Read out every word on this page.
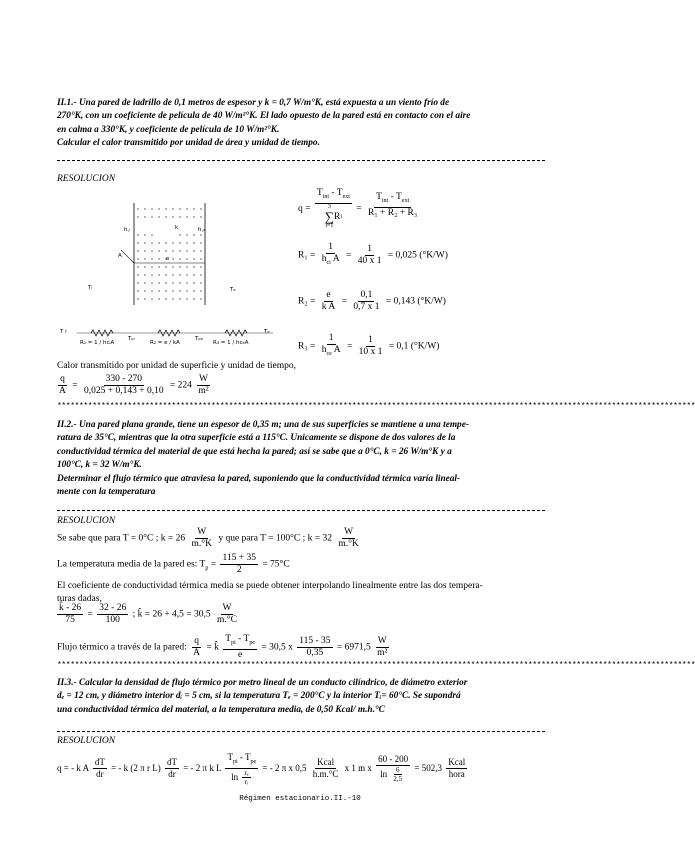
II.1.- Una pared de ladrillo de 0,1 metros de espesor y k = 0,7 W/m°K, está expuesta a un viento frío de
270°K, con un coeficiente de película de 40 W/m²°K. El lado opuesto de la pared está en contacto con el aire
en calma a 330°K, y coeficiente de película de 10 W/m²°K.
Calcular el calor transmitido por unidad de área y unidad de tiempo.
RESOLUCION
h꜀ᵢ	k	h꜀ₑ
A	e
Tᵢ	Tₑ
T i
Tₚᵢ	Tₚₑ
Tₑ
R₁ = 1 / hᴄᵢA	R₂ = e / kA	R₃ = 1 / hᴄₑA
$q = T_{int} - T_{ext}$
3
∑
i=1
R $i = \frac{T_{int} - T_{ext}}{\text{R₁ + R₂ + R₃}}$
$R_1 = \frac{1}{h_{ci} A} = \frac{1}{40 x 1} = 0,025$ (°K/W)
$R_2 = \frac{e}{\text{k A}} = \frac{0,1}{0,7 x 1} = 0,143$ (°K/W)
$R_3 = \frac{1}{h_{ce} A} = \frac{1}{10 x 1} = 0,1$ (°K/W)
Calor transmitido por unidad de superficie y unidad de tiempo,
$\frac{q}{A} = \frac{330 - 270}{0,025 + 0,143 + 0,10} = 224 \frac{W}{\text{m²}}$
*************************************************************************************************************************************************
II.2.- Una pared plana grande, tiene un espesor de 0,35 m; una de sus superficies se mantiene a una tempe-
ratura de 35°C, mientras que la otra superficie está a 115°C. Unicamente se dispone de dos valores de la
conductividad térmica del material de que está hecha la pared; así se sabe que a 0°C, k = 26 W/m°K y a
100°C, k = 32 W/m°K.
Determinar el flujo térmico que atraviesa la pared, suponiendo que la conductividad térmica varía lineal-
mente con la temperatura
RESOLUCION
Se sabe que para T = 0°C ; $k = 26 \frac{W}{m.^\circ K}$ y que para T = 100°C ; $k = 32 \frac{W}{m.^\circ K}$
La temperatura media de la pared es: $T_p = \frac{115 + 35}{2} = 75^\circ C$
El coeficiente de conductividad térmica media se puede obtener interpolando linealmente entre las dos tempera-
turas dadas,
$\frac{k̂ - 26}{75} = \frac{32 - 26}{100}$ ; k̂ = $26 + 4,5 = 30,5 \frac{W}{m.^\circ C}$
Flujo térmico a través de la pared: $\frac{q}{A}$ = k̂ $\frac{T_{pi} - T_{pe}}{e} = 30,5$ x $\frac{115 - 35}{0,35} = 6971,5 \frac{W}{\text{m²}}$
*************************************************************************************************************************************************
II.3.- Calcular la densidad de flujo térmico por metro lineal de un conducto cilíndrico, de diámetro exterior
dₑ = 12 cm, y diámetro interior dᵢ = 5 cm, si la temperatura Tₑ = 200°C y la interior Tᵢ= 60°C. Se supondrá
una conductividad térmica del material, a la temperatura media, de 0,50 Kcal/ m.h.°C
RESOLUCION
q = - k A $\frac{dT}{dr}$ = - k (2 π r $L) \frac{dT}{dr}$ = - 2 π k L $T_{pi} - T_{pe}$
ln
$\frac{\text{rₑ}}{\text{rᵢ}}$ = - 2 π x $0,5 \frac{\text{Kcal}}{h.m.^\circ C}$ x 1 m x 60 - 200
ln
$\frac{6}{2,5} = 502,3 \frac{\text{Kcal}}{\text{hora}}$
Régimen estacionario.II.-10
